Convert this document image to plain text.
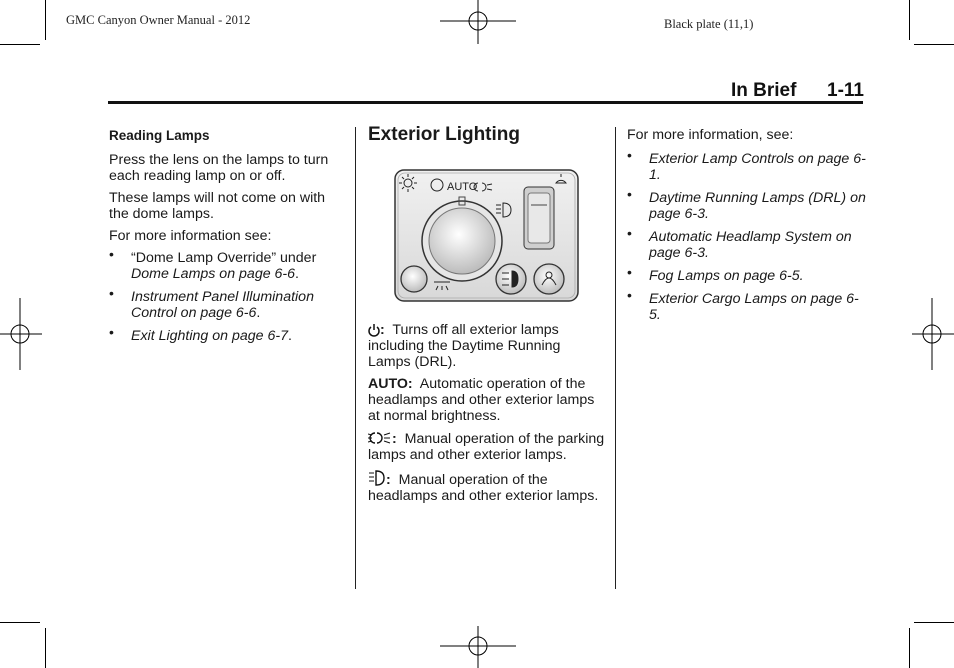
GMC Canyon Owner Manual - 2012	Black plate (11,1)
In Brief 1-11

Reading Lamps

Press the lens on the lamps to turn each reading lamp on or off.

These lamps will not come on with the dome lamps.

For more information see:

• “Dome Lamp Override” under Dome Lamps on page 6-6.
• Instrument Panel Illumination Control on page 6-6.
• Exit Lighting on page 6-7.

Exterior Lighting

AUTO

: Turns off all exterior lamps including the Daytime Running Lamps (DRL).

AUTO: Automatic operation of the headlamps and other exterior lamps at normal brightness.

: Manual operation of the parking lamps and other exterior lamps.

: Manual operation of the headlamps and other exterior lamps.

For more information, see:

• Exterior Lamp Controls on page 6-1.
• Daytime Running Lamps (DRL) on page 6-3.
• Automatic Headlamp System on page 6-3.
• Fog Lamps on page 6-5.
• Exterior Cargo Lamps on page 6-5.
